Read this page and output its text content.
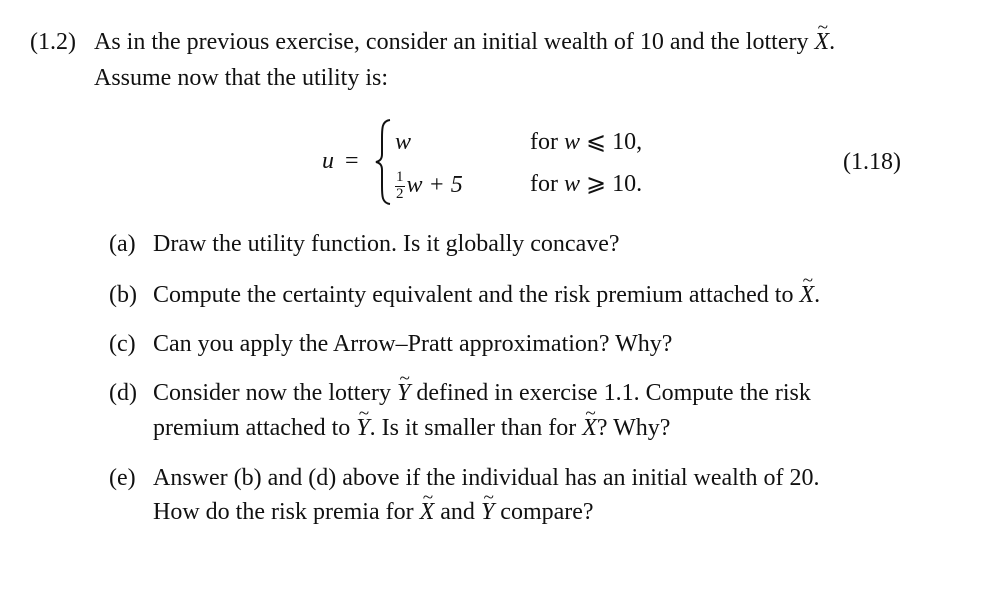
(1.2) As in the previous exercise, consider an initial wealth of 10 and the lottery ~ X.
Assume now that the utility is:
u =
w
$\frac{1}{2}$ w + 5
for w ⩽ 10,
for w ⩾ 10.
(1.18)
(a) Draw the utility function. Is it globally concave?
(b) Compute the certainty equivalent and the risk premium attached to ~ X.
(c) Can you apply the Arrow–Pratt approximation? Why?
(d) Consider now the lottery ~ Y defined in exercise 1.1. Compute the risk
premium attached to ~ Y. Is it smaller than for ~ X? Why?
(e) Answer (b) and (d) above if the individual has an initial wealth of 20.
How do the risk premia for ~ X and ~ Y compare?
